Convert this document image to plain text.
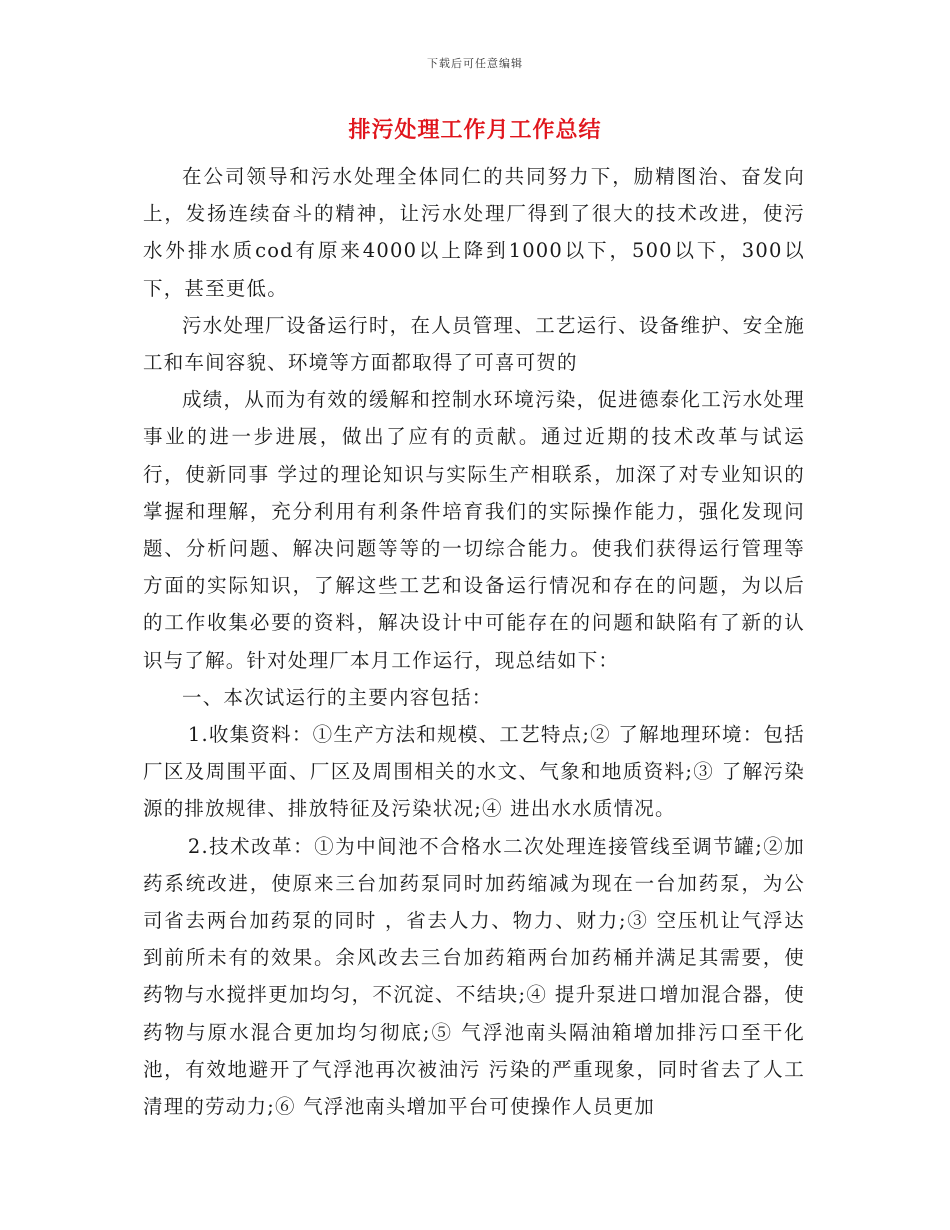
下载后可任意编辑
排污处理工作月工作总结

在公司领导和污水处理全体同仁的共同努力下，励精图治、奋发向上，发扬连续奋斗的精神，让污水处理厂得到了很大的技术改进，使污水外排水质cod有原来4000以上降到1000以下，500以下，300以下，甚至更低。

污水处理厂设备运行时，在人员管理、工艺运行、设备维护、安全施工和车间容貌、环境等方面都取得了可喜可贺的

成绩，从而为有效的缓解和控制水环境污染，促进德泰化工污水处理事业的进一步进展，做出了应有的贡献。通过近期的技术改革与试运行，使新同事 学过的理论知识与实际生产相联系，加深了对专业知识的掌握和理解，充分利用有利条件培育我们的实际操作能力，强化发现问题、分析问题、解决问题等等的一切综合能力。使我们获得运行管理等方面的实际知识，了解这些工艺和设备运行情况和存在的问题，为以后的工作收集必要的资料，解决设计中可能存在的问题和缺陷有了新的认识与了解。针对处理厂本月工作运行，现总结如下：

一、本次试运行的主要内容包括：

1.收集资料：①生产方法和规模、工艺特点;② 了解地理环境：包括厂区及周围平面、厂区及周围相关的水文、气象和地质资料;③ 了解污染源的排放规律、排放特征及污染状况;④ 进出水水质情况。

2.技术改革：①为中间池不合格水二次处理连接管线至调节罐;②加药系统改进，使原来三台加药泵同时加药缩减为现在一台加药泵，为公司省去两台加药泵的同时 ，省去人力、物力、财力;③ 空压机让气浮达到前所未有的效果。余风改去三台加药箱两台加药桶并满足其需要，使药物与水搅拌更加均匀，不沉淀、不结块;④ 提升泵进口增加混合器，使药物与原水混合更加均匀彻底;⑤ 气浮池南头隔油箱增加排污口至干化池，有效地避开了气浮池再次被油污 污染的严重现象，同时省去了人工清理的劳动力;⑥ 气浮池南头增加平台可使操作人员更加
